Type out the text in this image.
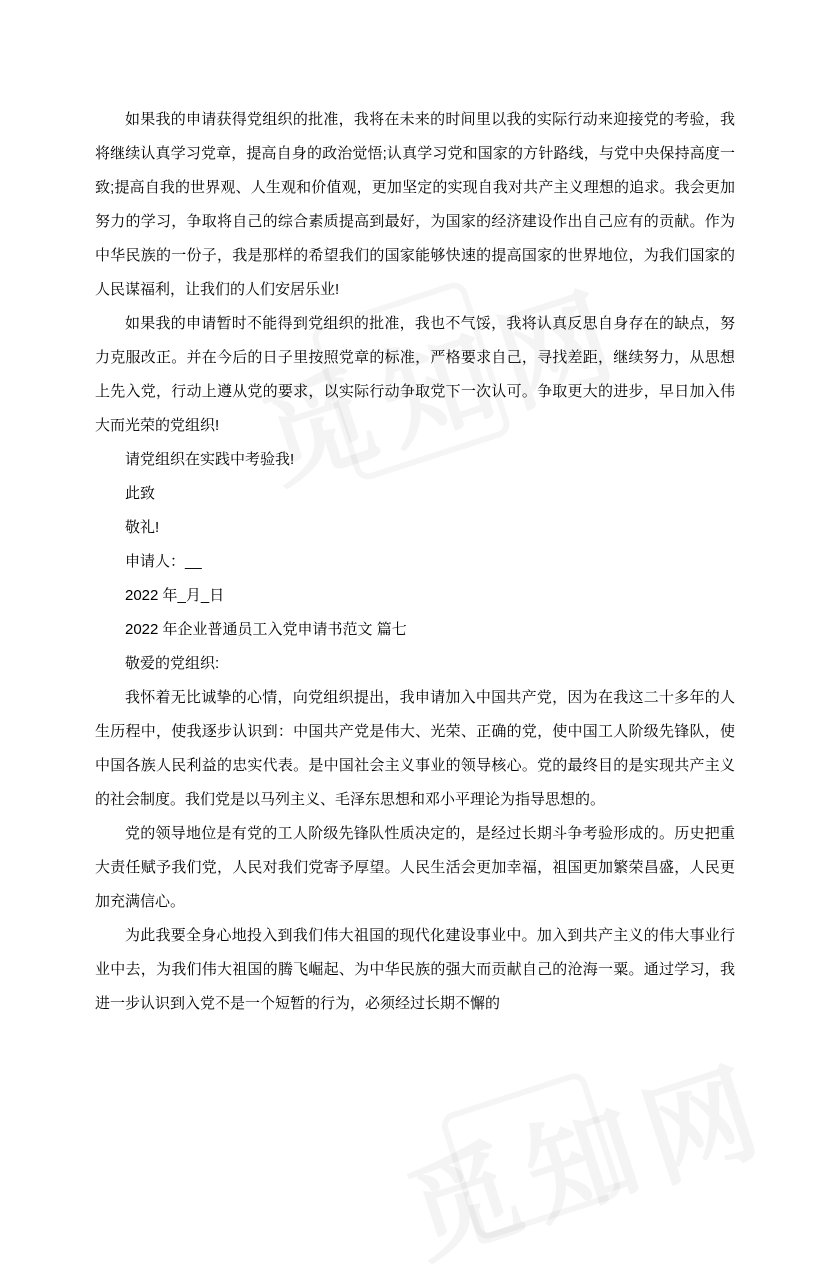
如果我的申请获得党组织的批准，我将在未来的时间里以我的实际行动来迎接党的考验，我将继续认真学习党章，提高自身的政治觉悟;认真学习党和国家的方针路线，与党中央保持高度一致;提高自我的世界观、人生观和价值观，更加坚定的实现自我对共产主义理想的追求。我会更加努力的学习，争取将自己的综合素质提高到最好，为国家的经济建设作出自己应有的贡献。作为中华民族的一份子，我是那样的希望我们的国家能够快速的提高国家的世界地位，为我们国家的人民谋福利，让我们的人们安居乐业!

如果我的申请暂时不能得到党组织的批准，我也不气馁，我将认真反思自身存在的缺点，努力克服改正。并在今后的日子里按照党章的标准，严格要求自己，寻找差距，继续努力，从思想上先入党，行动上遵从党的要求，以实际行动争取党下一次认可。争取更大的进步，早日加入伟大而光荣的党组织!

请党组织在实践中考验我!

此致

敬礼!

申请人：__

2022 年_月_日

2022 年企业普通员工入党申请书范文 篇七

敬爱的党组织:

我怀着无比诚挚的心情，向党组织提出，我申请加入中国共产党，因为在我这二十多年的人生历程中，使我逐步认识到：中国共产党是伟大、光荣、正确的党，使中国工人阶级先锋队，使中国各族人民利益的忠实代表。是中国社会主义事业的领导核心。党的最终目的是实现共产主义的社会制度。我们党是以马列主义、毛泽东思想和邓小平理论为指导思想的。

党的领导地位是有党的工人阶级先锋队性质决定的，是经过长期斗争考验形成的。历史把重大责任赋予我们党，人民对我们党寄予厚望。人民生活会更加幸福，祖国更加繁荣昌盛，人民更加充满信心。

为此我要全身心地投入到我们伟大祖国的现代化建设事业中。加入到共产主义的伟大事业行业中去，为我们伟大祖国的腾飞崛起、为中华民族的强大而贡献自己的沧海一粟。通过学习，我进一步认识到入党不是一个短暂的行为，必须经过长期不懈的
